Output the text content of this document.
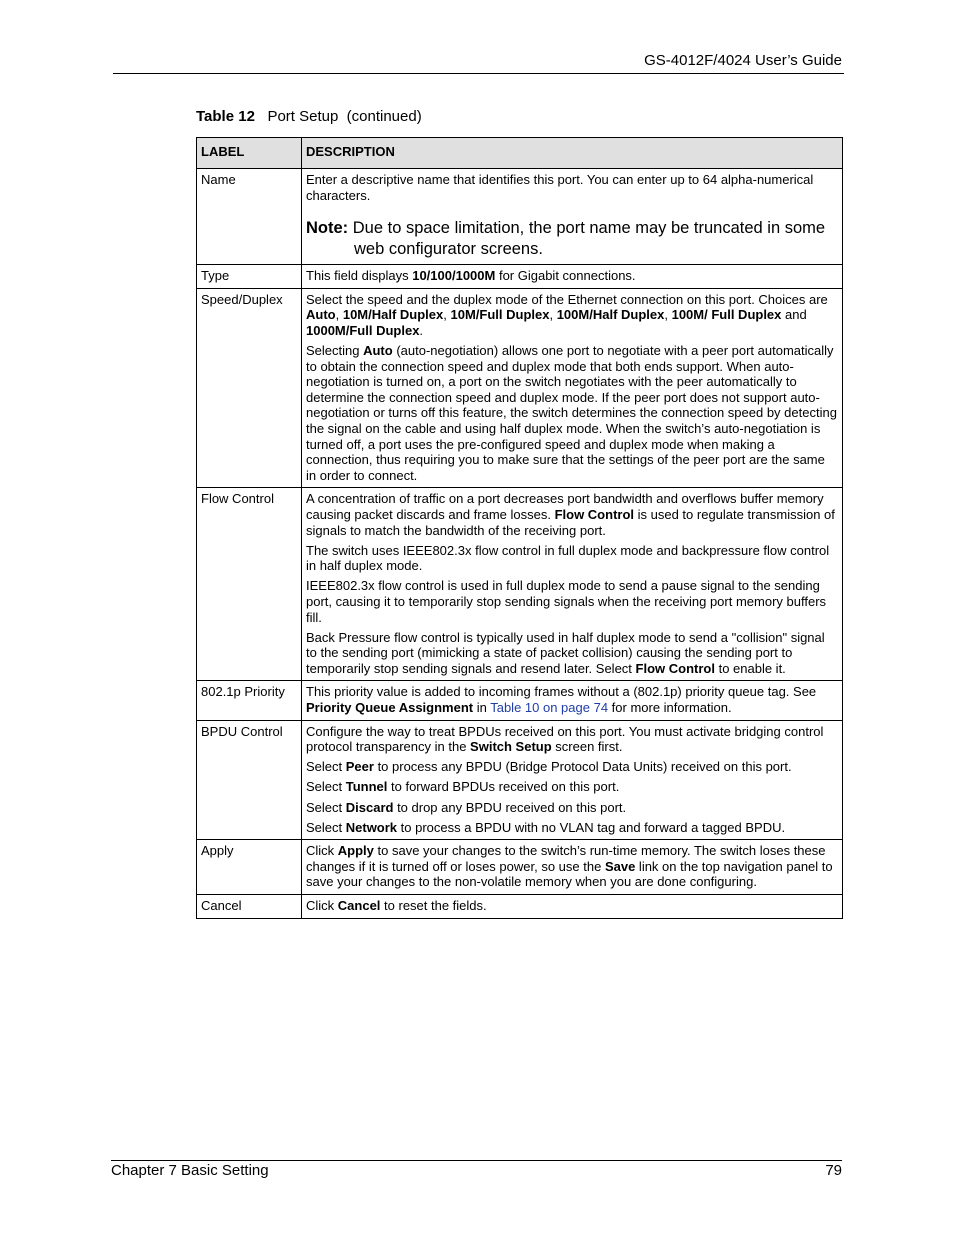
GS-4012F/4024 User’s Guide
Table 12 Port Setup  (continued)
LABEL	DESCRIPTION
Name	Enter a descriptive name that identifies this port. You can enter up to 64 alpha-numerical characters.

Note: Due to space limitation, the port name may be truncated in some web configurator screens.

Type	This field displays 10/100/1000M for Gigabit connections.

Speed/Duplex	Select the speed and the duplex mode of the Ethernet connection on this port. Choices are Auto, 10M/Half Duplex, 10M/Full Duplex, 100M/Half Duplex, 100M/ Full Duplex and 1000M/Full Duplex.

Selecting Auto (auto-negotiation) allows one port to negotiate with a peer port automatically to obtain the connection speed and duplex mode that both ends support. When auto-negotiation is turned on, a port on the switch negotiates with the peer automatically to determine the connection speed and duplex mode. If the peer port does not support auto-negotiation or turns off this feature, the switch determines the connection speed by detecting the signal on the cable and using half duplex mode. When the switch’s auto-negotiation is turned off, a port uses the pre-configured speed and duplex mode when making a connection, thus requiring you to make sure that the settings of the peer port are the same in order to connect.

Flow Control	A concentration of traffic on a port decreases port bandwidth and overflows buffer memory causing packet discards and frame losses. Flow Control is used to regulate transmission of signals to match the bandwidth of the receiving port.

The switch uses IEEE802.3x flow control in full duplex mode and backpressure flow control in half duplex mode.

IEEE802.3x flow control is used in full duplex mode to send a pause signal to the sending port, causing it to temporarily stop sending signals when the receiving port memory buffers fill.

Back Pressure flow control is typically used in half duplex mode to send a "collision" signal to the sending port (mimicking a state of packet collision) causing the sending port to temporarily stop sending signals and resend later. Select Flow Control to enable it.

802.1p Priority	This priority value is added to incoming frames without a (802.1p) priority queue tag. See Priority Queue Assignment in Table 10 on page 74 for more information.

BPDU Control	Configure the way to treat BPDUs received on this port. You must activate bridging control protocol transparency in the Switch Setup screen first.

Select Peer to process any BPDU (Bridge Protocol Data Units) received on this port.

Select Tunnel to forward BPDUs received on this port.

Select Discard to drop any BPDU received on this port.

Select Network to process a BPDU with no VLAN tag and forward a tagged BPDU.

Apply	Click Apply to save your changes to the switch’s run-time memory. The switch loses these changes if it is turned off or loses power, so use the Save link on the top navigation panel to save your changes to the non-volatile memory when you are done configuring.

Cancel	Click Cancel to reset the fields.

Chapter 7 Basic Setting	79
